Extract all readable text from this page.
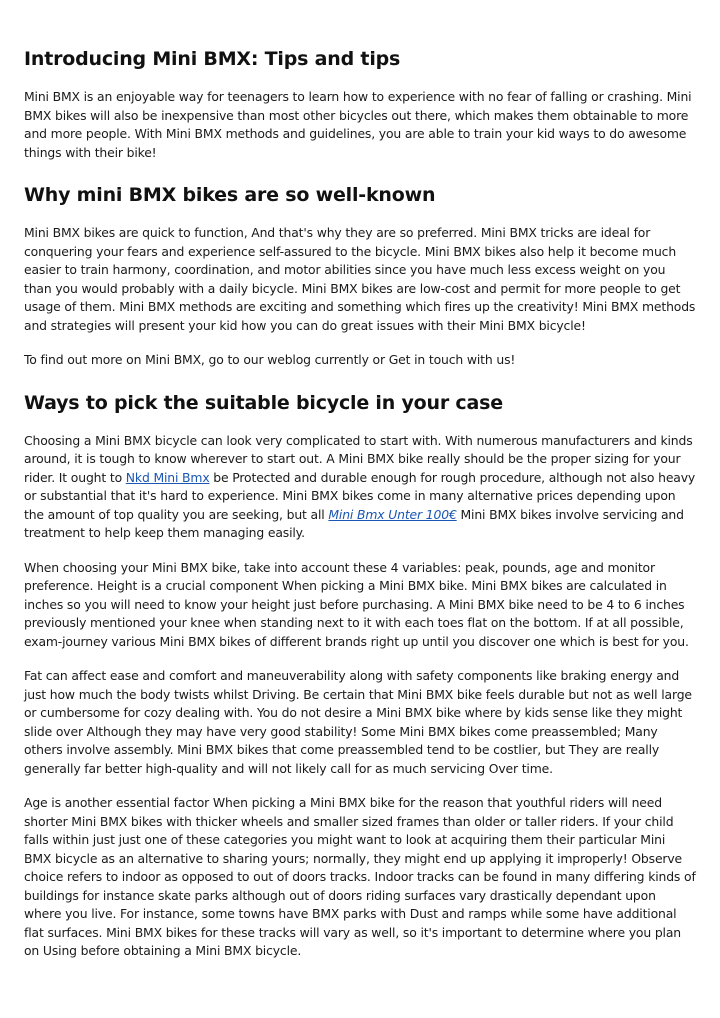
Introducing Mini BMX: Tips and tips

Mini BMX is an enjoyable way for teenagers to learn how to experience with no fear of falling or crashing. Mini BMX bikes will also be inexpensive than most other bicycles out there, which makes them obtainable to more and more people. With Mini BMX methods and guidelines, you are able to train your kid ways to do awesome things with their bike!

Why mini BMX bikes are so well-known

Mini BMX bikes are quick to function, And that's why they are so preferred. Mini BMX tricks are ideal for conquering your fears and experience self-assured to the bicycle. Mini BMX bikes also help it become much easier to train harmony, coordination, and motor abilities since you have much less excess weight on you than you would probably with a daily bicycle. Mini BMX bikes are low-cost and permit for more people to get usage of them. Mini BMX methods are exciting and something which fires up the creativity! Mini BMX methods and strategies will present your kid how you can do great issues with their Mini BMX bicycle!

To find out more on Mini BMX, go to our weblog currently or Get in touch with us!

Ways to pick the suitable bicycle in your case

Choosing a Mini BMX bicycle can look very complicated to start with. With numerous manufacturers and kinds around, it is tough to know wherever to start out. A Mini BMX bike really should be the proper sizing for your rider. It ought to Nkd Mini Bmx be Protected and durable enough for rough procedure, although not also heavy or substantial that it's hard to experience. Mini BMX bikes come in many alternative prices depending upon the amount of top quality you are seeking, but all Mini Bmx Unter 100€ Mini BMX bikes involve servicing and treatment to help keep them managing easily.

When choosing your Mini BMX bike, take into account these 4 variables: peak, pounds, age and monitor preference. Height is a crucial component When picking a Mini BMX bike. Mini BMX bikes are calculated in inches so you will need to know your height just before purchasing. A Mini BMX bike need to be 4 to 6 inches previously mentioned your knee when standing next to it with each toes flat on the bottom. If at all possible, exam-journey various Mini BMX bikes of different brands right up until you discover one which is best for you.

Fat can affect ease and comfort and maneuverability along with safety components like braking energy and just how much the body twists whilst Driving. Be certain that Mini BMX bike feels durable but not as well large or cumbersome for cozy dealing with. You do not desire a Mini BMX bike where by kids sense like they might slide over Although they may have very good stability! Some Mini BMX bikes come preassembled; Many others involve assembly. Mini BMX bikes that come preassembled tend to be costlier, but They are really generally far better high-quality and will not likely call for as much servicing Over time.

Age is another essential factor When picking a Mini BMX bike for the reason that youthful riders will need shorter Mini BMX bikes with thicker wheels and smaller sized frames than older or taller riders. If your child falls within just just one of these categories you might want to look at acquiring them their particular Mini BMX bicycle as an alternative to sharing yours; normally, they might end up applying it improperly! Observe choice refers to indoor as opposed to out of doors tracks. Indoor tracks can be found in many differing kinds of buildings for instance skate parks although out of doors riding surfaces vary drastically dependant upon where you live. For instance, some towns have BMX parks with Dust and ramps while some have additional flat surfaces. Mini BMX bikes for these tracks will vary as well, so it's important to determine where you plan on Using before obtaining a Mini BMX bicycle.
